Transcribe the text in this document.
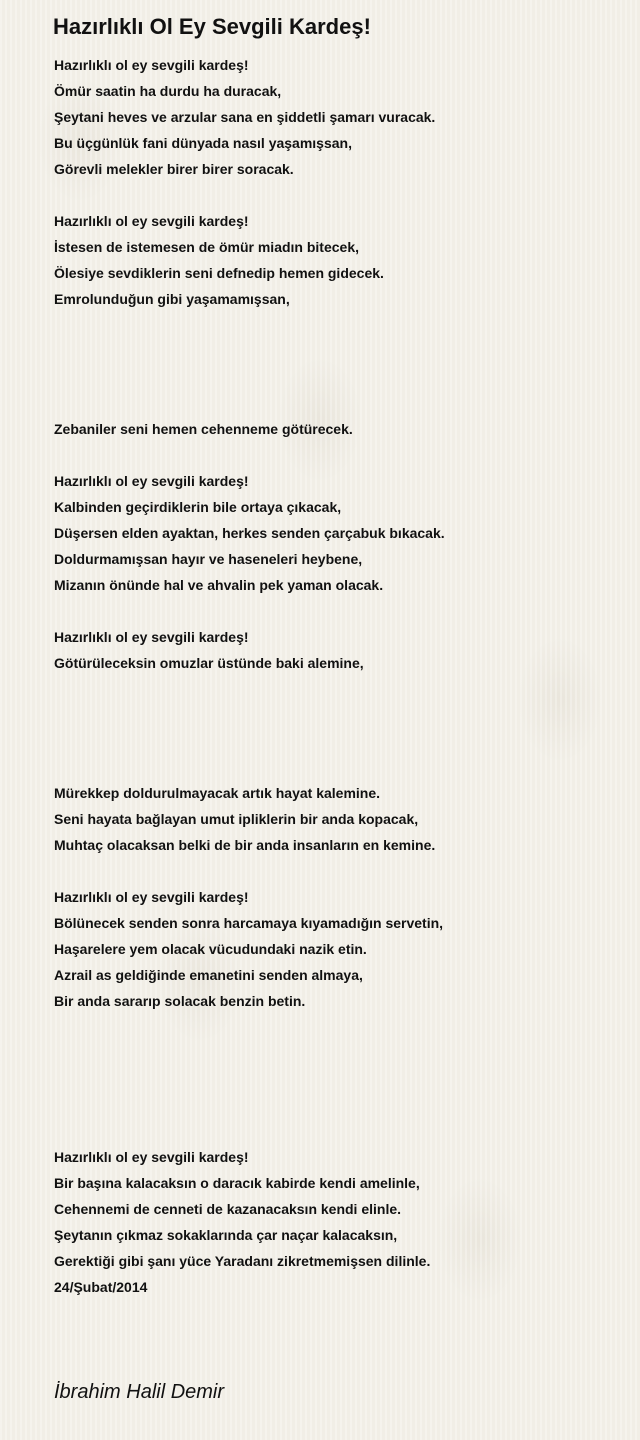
Hazırlıklı Ol Ey Sevgili Kardeş!
Hazırlıklı ol ey sevgili kardeş!
Ömür saatin ha durdu ha duracak,
Şeytani heves ve arzular sana en şiddetli şamarı vuracak.
Bu üçgünlük fani dünyada nasıl yaşamışsan,
Görevli melekler birer birer soracak.
Hazırlıklı ol ey sevgili kardeş!
İstesen de istemesen de ömür miadın bitecek,
Ölesiye sevdiklerin seni defnedip hemen gidecek.
Emrolunduğun gibi yaşamamışsan,
Zebaniler seni hemen cehenneme götürecek.
Hazırlıklı ol ey sevgili kardeş!
Kalbinden geçirdiklerin bile ortaya çıkacak,
Düşersen elden ayaktan, herkes senden çarçabuk bıkacak.
Doldurmamışsan hayır ve haseneleri heybene,
Mizanın önünde hal ve ahvalin pek yaman olacak.
Hazırlıklı ol ey sevgili kardeş!
Götürüleceksin omuzlar üstünde baki alemine,
Mürekkep doldurulmayacak artık hayat kalemine.
Seni hayata bağlayan umut ipliklerin bir anda kopacak,
Muhtaç olacaksan belki de bir anda insanların en kemine.
Hazırlıklı ol ey sevgili kardeş!
Bölünecek senden sonra harcamaya kıyamadığın servetin,
Haşarelere yem olacak vücudundaki nazik etin.
Azrail as geldiğinde emanetini senden almaya,
Bir anda sararıp solacak benzin betin.
Hazırlıklı ol ey sevgili kardeş!
Bir başına kalacaksın o daracık kabirde kendi amelinle,
Cehennemi de cenneti de kazanacaksın kendi elinle.
Şeytanın çıkmaz sokaklarında çar naçar kalacaksın,
Gerektiği gibi şanı yüce Yaradanı zikretmemişsen dilinle.
24/Şubat/2014
İbrahim Halil Demir
